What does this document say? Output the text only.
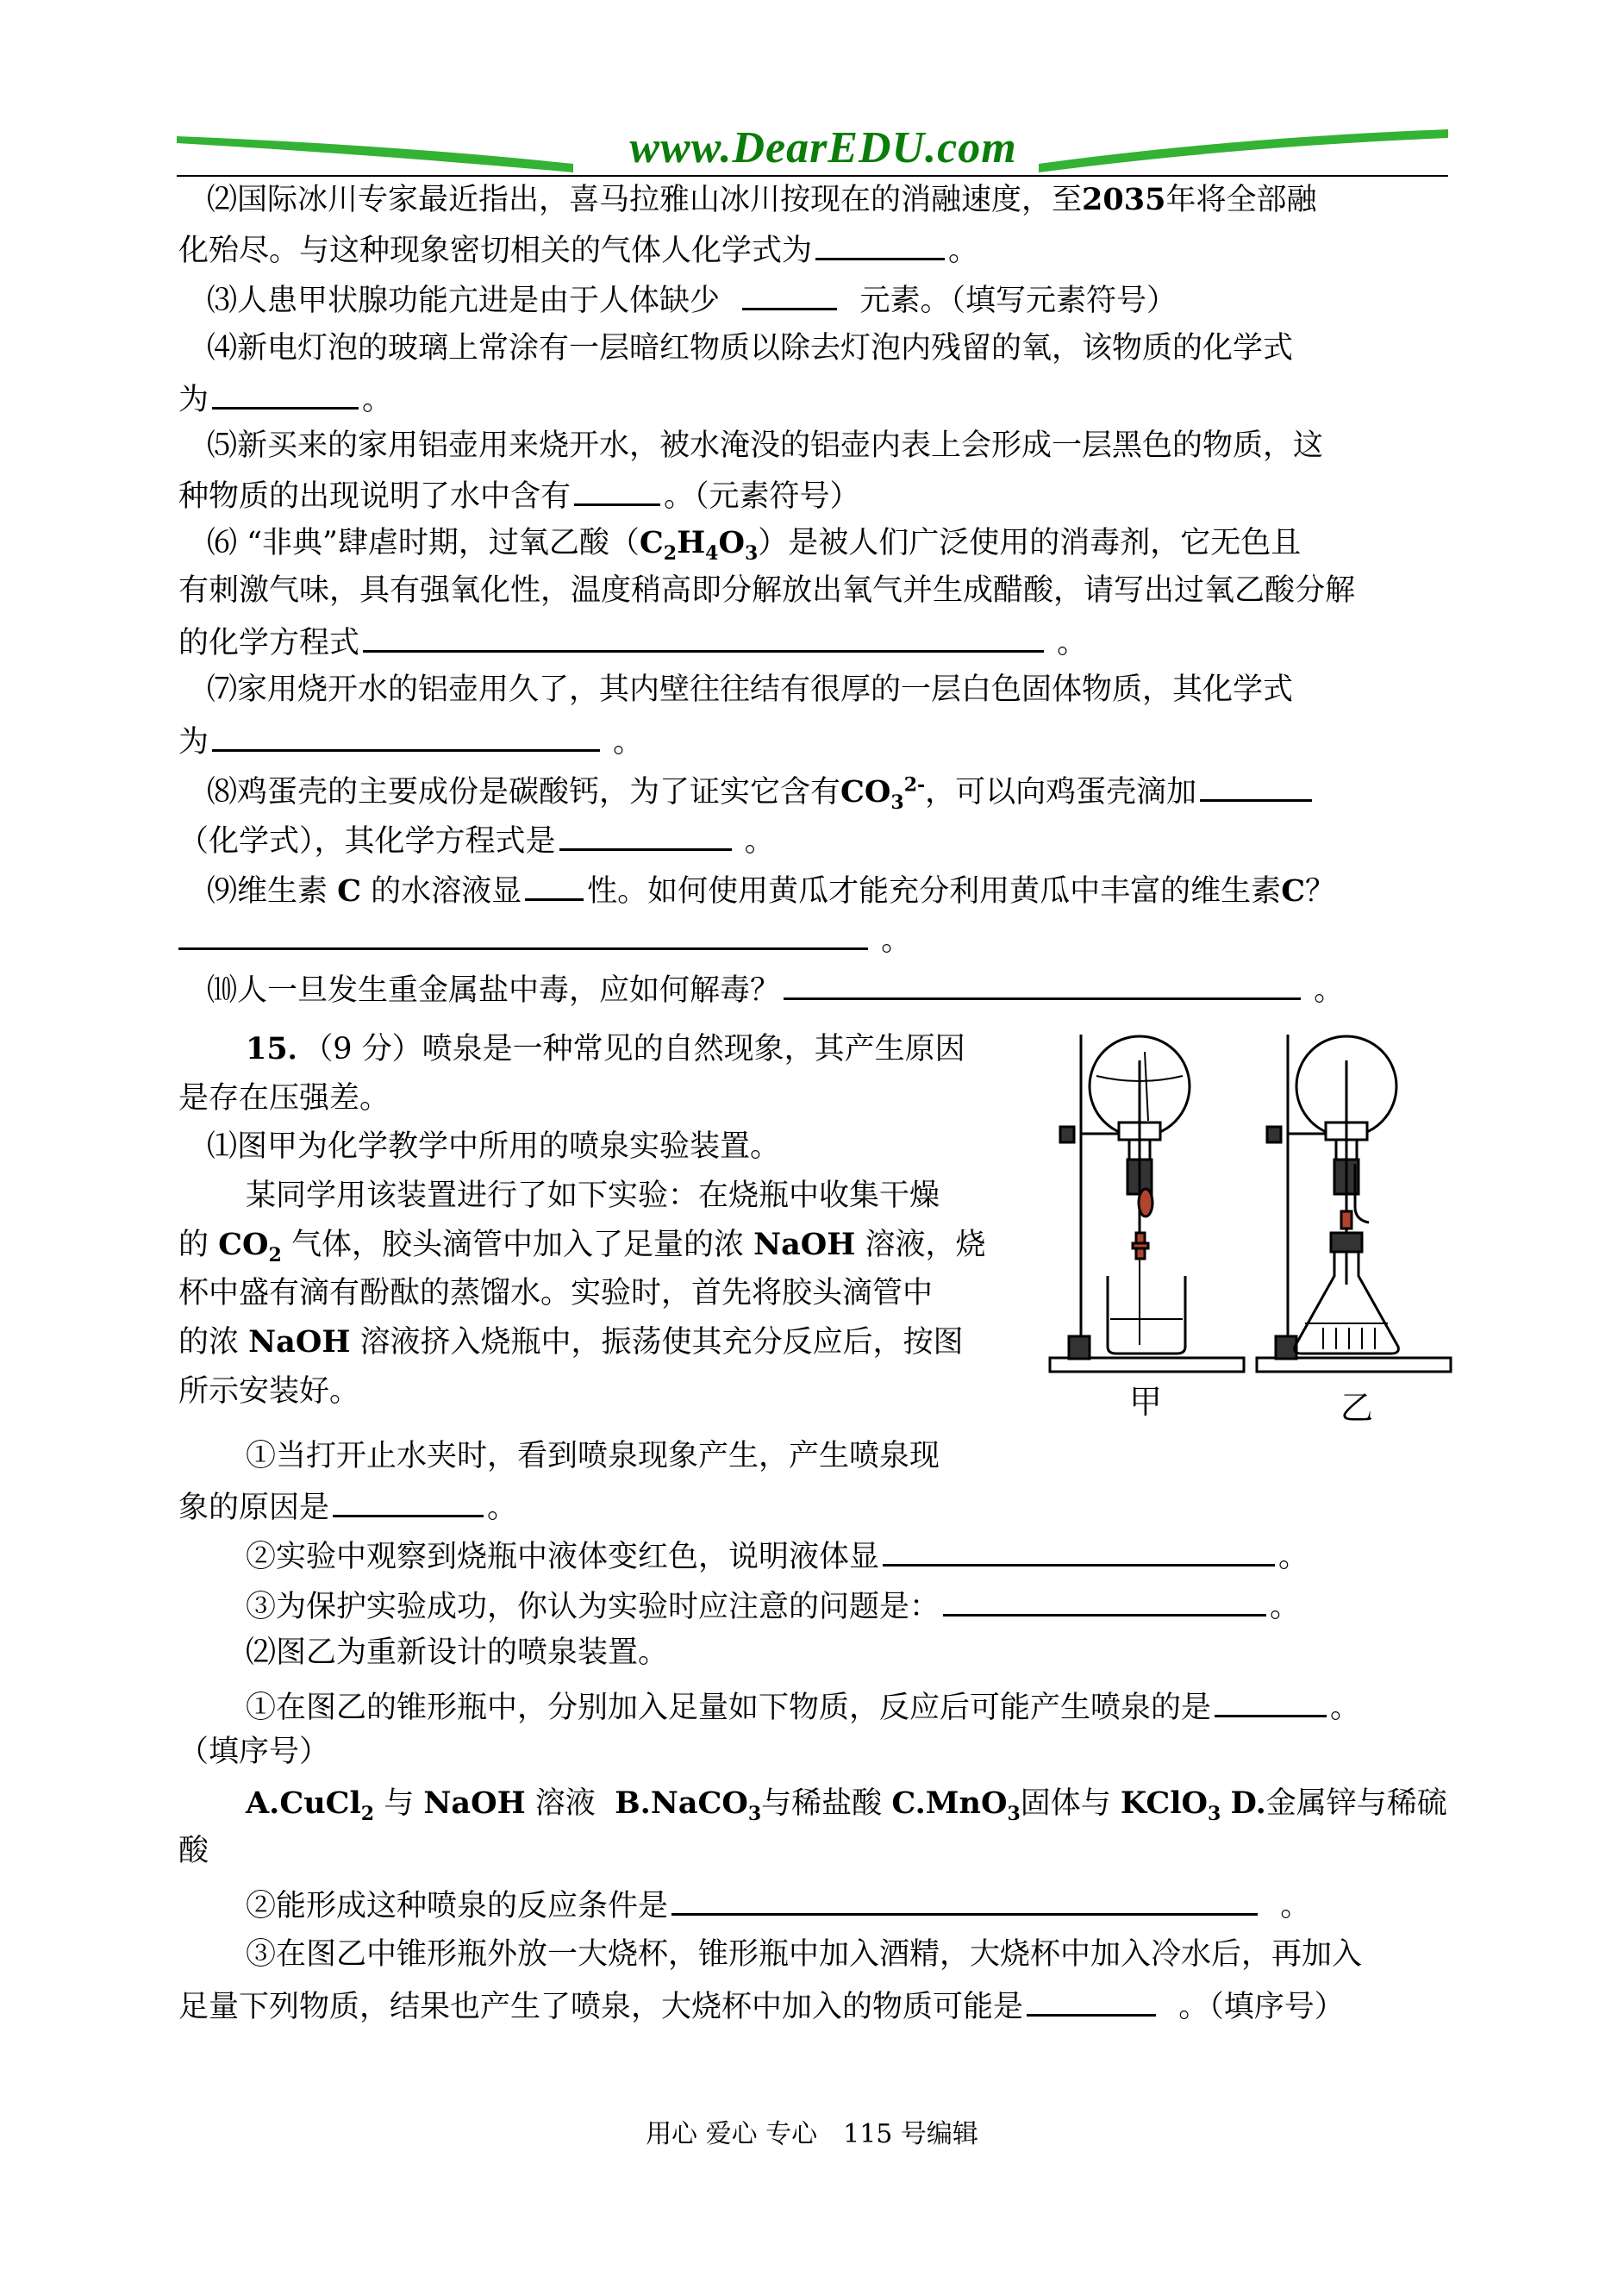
www.DearEDU.com
⑵国际冰川专家最近指出，喜马拉雅山冰川按现在的消融速度，至2035年将全部融
化殆尽。与这种现象密切相关的气体人化学式为	。
⑶人患甲状腺功能亢进是由于人体缺少	元素。（填写元素符号）
⑷新电灯泡的玻璃上常涂有一层暗红物质以除去灯泡内残留的氧，该物质的化学式
为	。
⑸新买来的家用铝壶用来烧开水，被水淹没的铝壶内表上会形成一层黑色的物质，这
种物质的出现说明了水中含有	。（元素符号）
⑹ “非典”肆虐时期，过氧乙酸$(C_2H_4O_3)$是被人们广泛使用的消毒剂，它无色且
有刺激气味，具有强氧化性，温度稍高即分解放出氧气并生成醋酸，请写出过氧乙酸分解
的化学方程式	。
⑺家用烧开水的铝壶用久了，其内壁往往结有很厚的一层白色固体物质，其化学式
为	。
⑻鸡蛋壳的主要成份是碳酸钙，为了证实它含有$CO_3^{2-}$，可以向鸡蛋壳滴加
（化学式），其化学方程式是	。
⑼维生素 C 的水溶液显 性。如何使用黄瓜才能充分利用黄瓜中丰富的维生素C？
。
⑽人一旦发生重金属盐中毒，应如何解毒？	。
15．（9 分）喷泉是一种常见的自然现象，其产生原因
是存在压强差。
⑴图甲为化学教学中所用的喷泉实验装置。
某同学用该装置进行了如下实验：在烧瓶中收集干燥
的 $CO_2$ 气体，胶头滴管中加入了足量的浓 NaOH 溶液，烧
杯中盛有滴有酚酞的蒸馏水。实验时，首先将胶头滴管中
的浓 NaOH 溶液挤入烧瓶中，振荡使其充分反应后，按图
所示安装好。
①当打开止水夹时，看到喷泉现象产生，产生喷泉现
象的原因是	。
②实验中观察到烧瓶中液体变红色，说明液体显	。
③为保护实验成功，你认为实验时应注意的问题是：	。
⑵图乙为重新设计的喷泉装置。
①在图乙的锥形瓶中，分别加入足量如下物质，反应后可能产生喷泉的是	。
（填序号）
A.CuCl$_2$ 与 NaOH 溶液 B.NaCO$_3$与稀盐酸 C.MnO$_3$固体与 KClO$_3$ D.金属锌与稀硫
酸
②能形成这种喷泉的反应条件是	。
③在图乙中锥形瓶外放一大烧杯，锥形瓶中加入酒精，大烧杯中加入冷水后，再加入
足量下列物质，结果也产生了喷泉，大烧杯中加入的物质可能是	。（填序号）
甲	乙
用心 爱心 专心　115 号编辑
